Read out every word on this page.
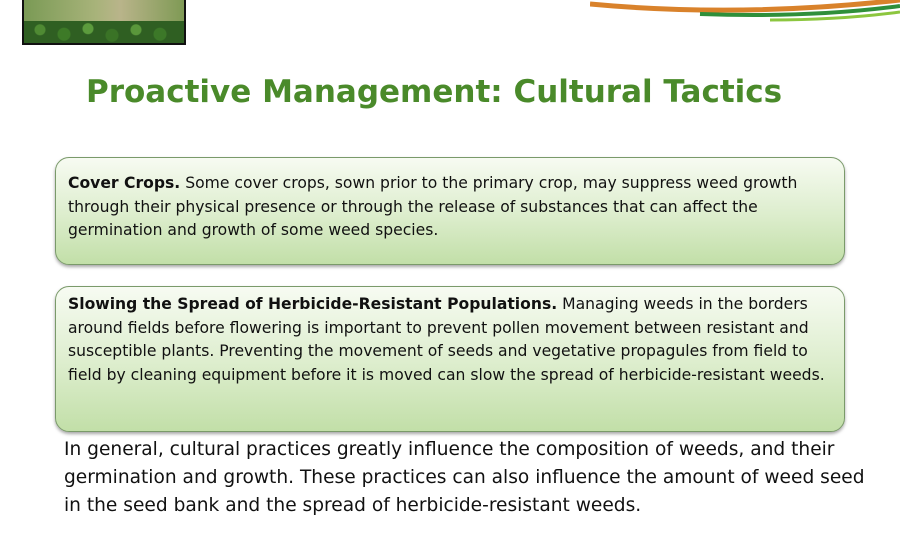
Proactive Management: Cultural Tactics
Cover Crops. Some cover crops, sown prior to the primary crop, may suppress weed growth through their physical presence or through the release of substances that can affect the germination and growth of some weed species.
Slowing the Spread of Herbicide-Resistant Populations. Managing weeds in the borders around fields before flowering is important to prevent pollen movement between resistant and susceptible plants. Preventing the movement of seeds and vegetative propagules from field to field by cleaning equipment before it is moved can slow the spread of herbicide-resistant weeds.
In general, cultural practices greatly influence the composition of weeds, and their germination and growth. These practices can also influence the amount of weed seed in the seed bank and the spread of herbicide-resistant weeds.
